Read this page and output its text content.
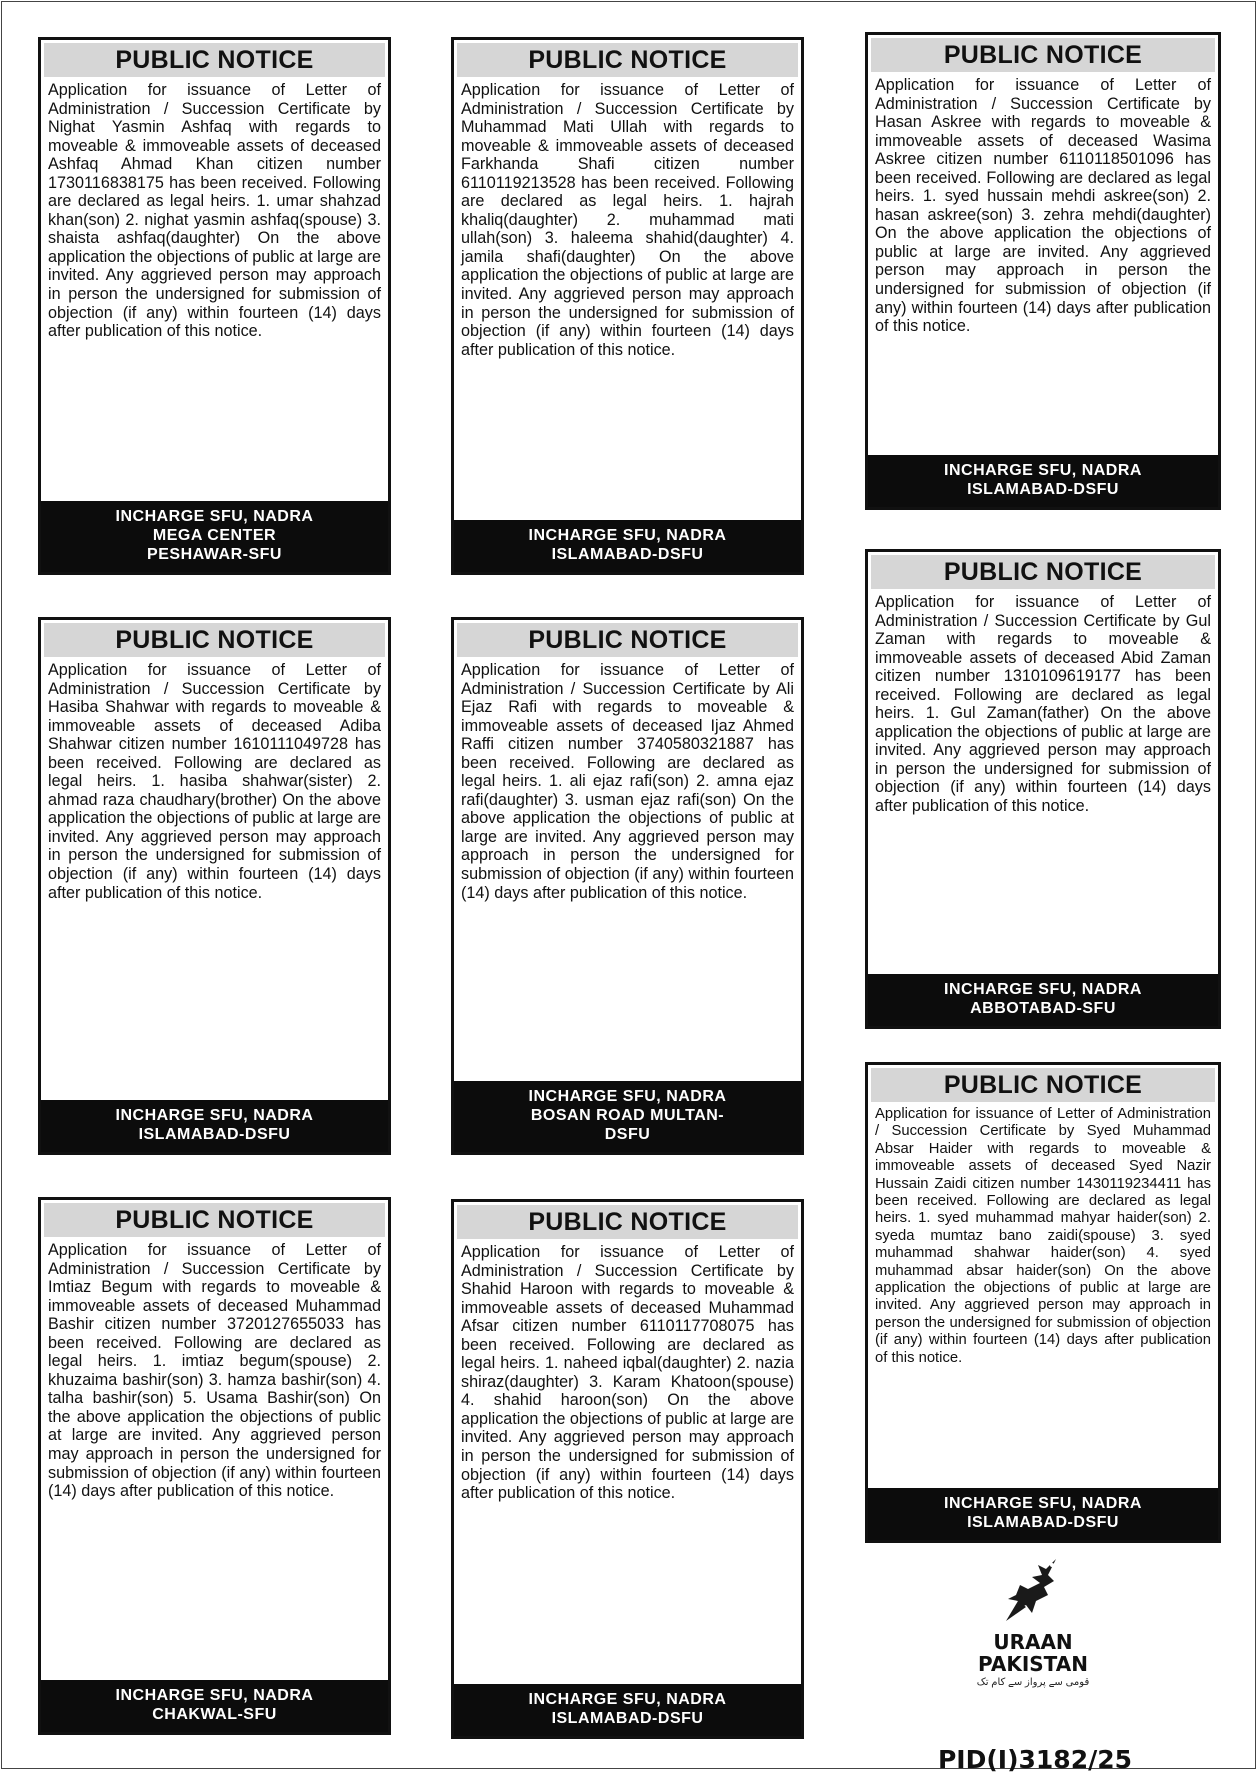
PUBLIC NOTICE
Application for issuance of Letter of Administration / Succession Certificate by Nighat Yasmin Ashfaq with regards to moveable & immoveable assets of deceased Ashfaq Ahmad Khan citizen number 1730116838175 has been received. Following are declared as legal heirs. 1. umar shahzad khan(son) 2. nighat yasmin ashfaq(spouse) 3. shaista ashfaq(daughter) On the above application the objections of public at large are invited. Any aggrieved person may approach in person the undersigned for submission of objection (if any) within fourteen (14) days after publication of this notice.
INCHARGE SFU, NADRA
MEGA CENTER
PESHAWAR-SFU
PUBLIC NOTICE
Application for issuance of Letter of Administration / Succession Certificate by Hasiba Shahwar with regards to moveable & immoveable assets of deceased Adiba Shahwar citizen number 1610111049728 has been received. Following are declared as legal heirs. 1. hasiba shahwar(sister) 2. ahmad raza chaudhary(brother) On the above application the objections of public at large are invited. Any aggrieved person may approach in person the undersigned for submission of objection (if any) within fourteen (14) days after publication of this notice.
INCHARGE SFU, NADRA
ISLAMABAD-DSFU
PUBLIC NOTICE
Application for issuance of Letter of Administration / Succession Certificate by Imtiaz Begum with regards to moveable & immoveable assets of deceased Muhammad Bashir citizen number 3720127655033 has been received. Following are declared as legal heirs. 1. imtiaz begum(spouse) 2. khuzaima bashir(son) 3. hamza bashir(son) 4. talha bashir(son) 5. Usama Bashir(son) On the above application the objections of public at large are invited. Any aggrieved person may approach in person the undersigned for submission of objection (if any) within fourteen (14) days after publication of this notice.
INCHARGE SFU, NADRA
CHAKWAL-SFU
PUBLIC NOTICE
Application for issuance of Letter of Administration / Succession Certificate by Muhammad Mati Ullah with regards to moveable & immoveable assets of deceased Farkhanda Shafi citizen number 6110119213528 has been received. Following are declared as legal heirs. 1. hajrah khaliq(daughter) 2. muhammad mati ullah(son) 3. haleema shahid(daughter) 4. jamila shafi(daughter) On the above application the objections of public at large are invited. Any aggrieved person may approach in person the undersigned for submission of objection (if any) within fourteen (14) days after publication of this notice.
INCHARGE SFU, NADRA
ISLAMABAD-DSFU
PUBLIC NOTICE
Application for issuance of Letter of Administration / Succession Certificate by Ali Ejaz Rafi with regards to moveable & immoveable assets of deceased Ijaz Ahmed Raffi citizen number 3740580321887 has been received. Following are declared as legal heirs. 1. ali ejaz rafi(son) 2. amna ejaz rafi(daughter) 3. usman ejaz rafi(son) On the above application the objections of public at large are invited. Any aggrieved person may approach in person the undersigned for submission of objection (if any) within fourteen (14) days after publication of this notice.
INCHARGE SFU, NADRA
BOSAN ROAD MULTAN-
DSFU
PUBLIC NOTICE
Application for issuance of Letter of Administration / Succession Certificate by Shahid Haroon with regards to moveable & immoveable assets of deceased Muhammad Afsar citizen number 6110117708075 has been received. Following are declared as legal heirs. 1. naheed iqbal(daughter) 2. nazia shiraz(daughter) 3. Karam Khatoon(spouse) 4. shahid haroon(son) On the above application the objections of public at large are invited. Any aggrieved person may approach in person the undersigned for submission of objection (if any) within fourteen (14) days after publication of this notice.
INCHARGE SFU, NADRA
ISLAMABAD-DSFU
PUBLIC NOTICE
Application for issuance of Letter of Administration / Succession Certificate by Hasan Askree with regards to moveable & immoveable assets of deceased Wasima Askree citizen number 6110118501096 has been received. Following are declared as legal heirs. 1. syed hussain mehdi askree(son) 2. hasan askree(son) 3. zehra mehdi(daughter) On the above application the objections of public at large are invited. Any aggrieved person may approach in person the undersigned for submission of objection (if any) within fourteen (14) days after publication of this notice.
INCHARGE SFU, NADRA
ISLAMABAD-DSFU
PUBLIC NOTICE
Application for issuance of Letter of Administration / Succession Certificate by Gul Zaman with regards to moveable & immoveable assets of deceased Abid Zaman citizen number 1310109619177 has been received. Following are declared as legal heirs. 1. Gul Zaman(father) On the above application the objections of public at large are invited. Any aggrieved person may approach in person the undersigned for submission of objection (if any) within fourteen (14) days after publication of this notice.
INCHARGE SFU, NADRA
ABBOTABAD-SFU
PUBLIC NOTICE
Application for issuance of Letter of Administration / Succession Certificate by Syed Muhammad Absar Haider with regards to moveable & immoveable assets of deceased Syed Nazir Hussain Zaidi citizen number 1430119234411 has been received. Following are declared as legal heirs. 1. syed muhammad mahyar haider(son) 2. syeda mumtaz bano zaidi(spouse) 3. syed muhammad shahwar haider(son) 4. syed muhammad absar haider(son) On the above application the objections of public at large are invited. Any aggrieved person may approach in person the undersigned for submission of objection (if any) within fourteen (14) days after publication of this notice.
INCHARGE SFU, NADRA
ISLAMABAD-DSFU
URAAN
PAKISTAN
قومی سے پرواز سے کام تک
PID(I)3182/25
